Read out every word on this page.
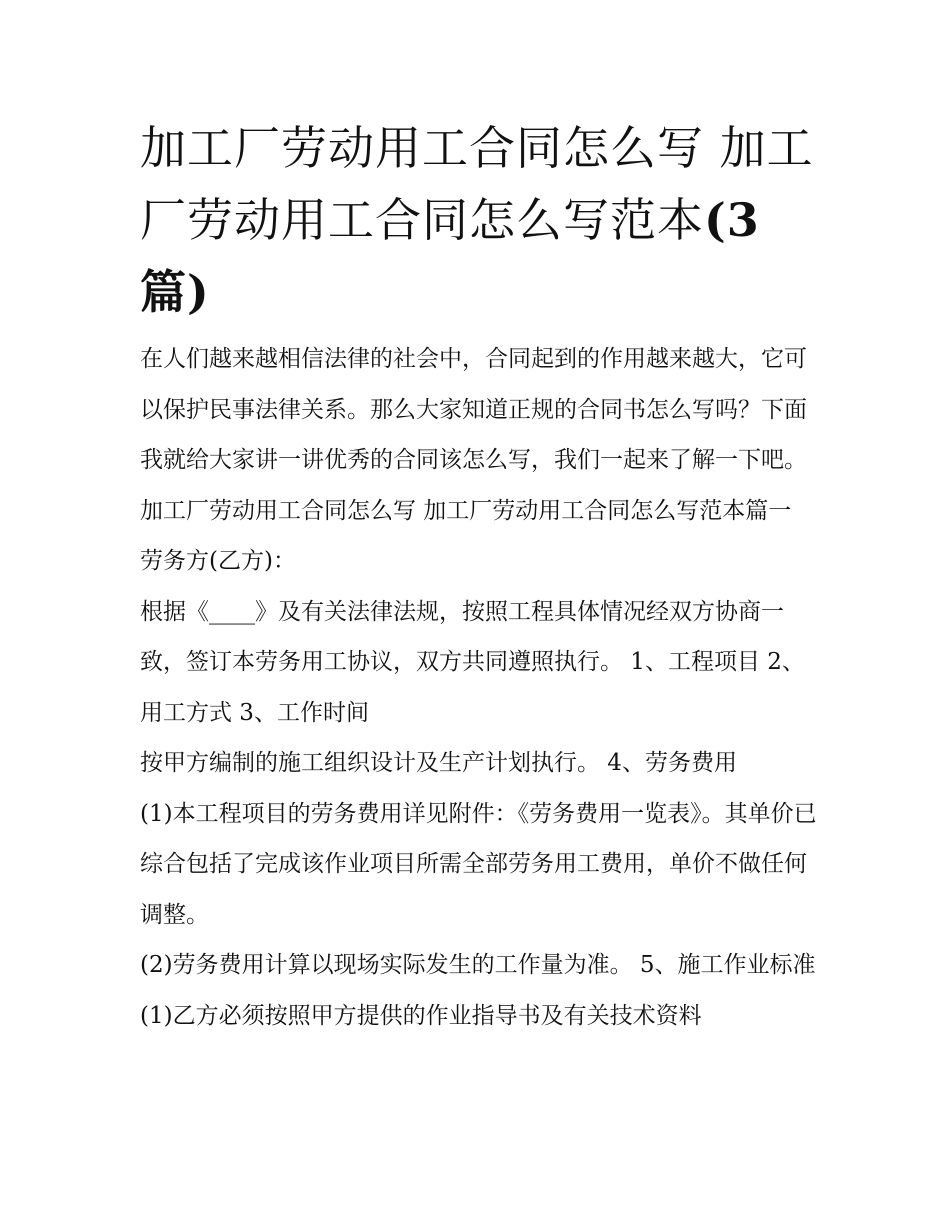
加工厂劳动用工合同怎么写 加工厂劳动用工合同怎么写范本(3篇)

在人们越来越相信法律的社会中，合同起到的作用越来越大，它可以保护民事法律关系。那么大家知道正规的合同书怎么写吗？下面我就给大家讲一讲优秀的合同该怎么写，我们一起来了解一下吧。

加工厂劳动用工合同怎么写 加工厂劳动用工合同怎么写范本篇一 劳务方(乙方)：

根据《____》及有关法律法规，按照工程具体情况经双方协商一致，签订本劳务用工协议，双方共同遵照执行。 1、工程项目 2、用工方式 3、工作时间

按甲方编制的施工组织设计及生产计划执行。 4、劳务费用

(1)本工程项目的劳务费用详见附件：《劳务费用一览表》。其单价已综合包括了完成该作业项目所需全部劳务用工费用，单价不做任何调整。

(2)劳务费用计算以现场实际发生的工作量为准。 5、施工作业标准 (1)乙方必须按照甲方提供的作业指导书及有关技术资料
